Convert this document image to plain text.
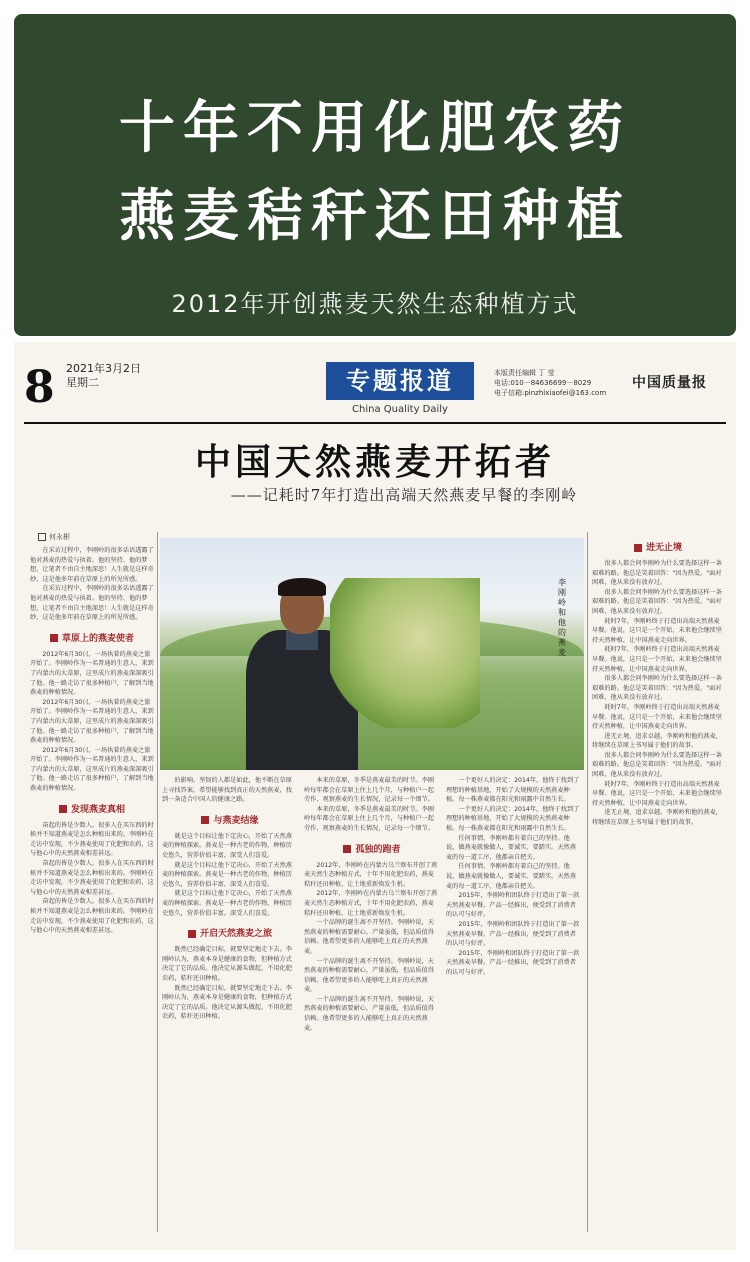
十年不用化肥农药
燕麦秸秆还田种植
2012年开创燕麦天然生态种植方式
8 2021年3月2日
星期二	专题报道
China Quality Daily
本版责任编辑 丁 莹
电话:010－84636699－8029
电子信箱:pinzhixiaofei@163.com
中国质量报
中国天然燕麦开拓者
——记耗时7年打造出高端天然燕麦早餐的李刚岭
何永彬

在采访过程中，李刚岭的很多话语透露了他对燕麦的热爱与执着。他的坚持、他的梦想，让笔者不由自主地深思！人生就是这样奇妙，这是他多年前在草原上的所见所感。

在采访过程中，李刚岭的很多话语透露了他对燕麦的热爱与执着。他的坚持、他的梦想，让笔者不由自主地深思！人生就是这样奇妙，这是他多年前在草原上的所见所感。

草原上的燕麦使者

2012年6月30日，一场执着的燕麦之旅开始了。李刚岭作为一名普通的生意人，来到了内蒙古的大草原，这里成片的燕麦深深吸引了他。他一路走访了很多种植户，了解到当地燕麦的种植情况。

2012年6月30日，一场执着的燕麦之旅开始了。李刚岭作为一名普通的生意人，来到了内蒙古的大草原，这里成片的燕麦深深吸引了他。他一路走访了很多种植户，了解到当地燕麦的种植情况。

2012年6月30日，一场执着的燕麦之旅开始了。李刚岭作为一名普通的生意人，来到了内蒙古的大草原，这里成片的燕麦深深吸引了他。他一路走访了很多种植户，了解到当地燕麦的种植情况。

发现燕麦真相

奋起的皆是少数人。很多人在买东西的时候并不知道燕麦是怎么种植出来的。李刚岭在走访中发现，不少燕麦使用了化肥和农药，这与他心中的天然燕麦相差甚远。

奋起的皆是少数人。很多人在买东西的时候并不知道燕麦是怎么种植出来的。李刚岭在走访中发现，不少燕麦使用了化肥和农药，这与他心中的天然燕麦相差甚远。

奋起的皆是少数人。很多人在买东西的时候并不知道燕麦是怎么种植出来的。李刚岭在走访中发现，不少燕麦使用了化肥和农药，这与他心中的天然燕麦相差甚远。

李刚岭和他的燕麦

的影响。坚韧的人都是如此，他不断在草原上寻找答案，希望能够找到真正的天然燕麦，找到一条适合中国人的健康之路。

与燕麦结缘

就是这个目标让他下定决心，开始了天然燕麦的种植探索。燕麦是一种古老的作物，种植历史悠久，营养价值丰富，深受人们喜爱。

就是这个目标让他下定决心，开始了天然燕麦的种植探索。燕麦是一种古老的作物，种植历史悠久，营养价值丰富，深受人们喜爱。

就是这个目标让他下定决心，开始了天然燕麦的种植探索。燕麦是一种古老的作物，种植历史悠久，营养价值丰富，深受人们喜爱。

开启天然燕麦之旅

既然已经确定目标，就要坚定地走下去。李刚岭认为，燕麦本身是健康的食物，但种植方式决定了它的品质。他决定从源头做起，不用化肥农药，秸秆还田种植。

既然已经确定目标，就要坚定地走下去。李刚岭认为，燕麦本身是健康的食物，但种植方式决定了它的品质。他决定从源头做起，不用化肥农药，秸秆还田种植。

本来的草原，冬季是燕麦最美的时节。李刚岭每年都会在草原上住上几个月，与种植户一起劳作，观察燕麦的生长情况，记录每一个细节。

本来的草原，冬季是燕麦最美的时节。李刚岭每年都会在草原上住上几个月，与种植户一起劳作，观察燕麦的生长情况，记录每一个细节。

孤独的跑者

2012年，李刚岭在内蒙古乌兰察布开创了燕麦天然生态种植方式，十年不用化肥农药，燕麦秸秆还田种植，让土地重新焕发生机。

2012年，李刚岭在内蒙古乌兰察布开创了燕麦天然生态种植方式，十年不用化肥农药，燕麦秸秆还田种植，让土地重新焕发生机。

一个品牌的诞生离不开坚持。李刚岭说，天然燕麦的种植需要耐心，产量虽低，但品质值得信赖。他希望更多的人能够吃上真正的天然燕麦。

一个品牌的诞生离不开坚持。李刚岭说，天然燕麦的种植需要耐心，产量虽低，但品质值得信赖。他希望更多的人能够吃上真正的天然燕麦。

一个品牌的诞生离不开坚持。李刚岭说，天然燕麦的种植需要耐心，产量虽低，但品质值得信赖。他希望更多的人能够吃上真正的天然燕麦。

一个更好人的决定：2014年，他终于找到了理想的种植基地，开始了大规模的天然燕麦种植。每一株燕麦都在阳光和雨露中自然生长。

一个更好人的决定：2014年，他终于找到了理想的种植基地，开始了大规模的天然燕麦种植。每一株燕麦都在阳光和雨露中自然生长。

任何事情，李刚岭都有着自己的坚持。他说，做燕麦就像做人，要诚实、要踏实。天然燕麦的每一道工序，他都亲自把关。

任何事情，李刚岭都有着自己的坚持。他说，做燕麦就像做人，要诚实、要踏实。天然燕麦的每一道工序，他都亲自把关。

2015年，李刚岭和团队终于打造出了第一款天然燕麦早餐。产品一经推出，便受到了消费者的认可与好评。

2015年，李刚岭和团队终于打造出了第一款天然燕麦早餐。产品一经推出，便受到了消费者的认可与好评。

2015年，李刚岭和团队终于打造出了第一款天然燕麦早餐。产品一经推出，便受到了消费者的认可与好评。

进无止境

很多人都会问李刚岭为什么要选择这样一条艰难的路。他总是笑着回答："因为热爱。"面对困难，他从来没有放弃过。

很多人都会问李刚岭为什么要选择这样一条艰难的路。他总是笑着回答："因为热爱。"面对困难，他从来没有放弃过。

耗时7年，李刚岭终于打造出高端天然燕麦早餐。他说，这只是一个开始，未来他会继续坚持天然种植，让中国燕麦走向世界。

耗时7年，李刚岭终于打造出高端天然燕麦早餐。他说，这只是一个开始，未来他会继续坚持天然种植，让中国燕麦走向世界。

很多人都会问李刚岭为什么要选择这样一条艰难的路。他总是笑着回答："因为热爱。"面对困难，他从来没有放弃过。

耗时7年，李刚岭终于打造出高端天然燕麦早餐。他说，这只是一个开始，未来他会继续坚持天然种植，让中国燕麦走向世界。

进无止境，追求卓越。李刚岭和他的燕麦，将继续在草原上书写属于他们的故事。

很多人都会问李刚岭为什么要选择这样一条艰难的路。他总是笑着回答："因为热爱。"面对困难，他从来没有放弃过。

耗时7年，李刚岭终于打造出高端天然燕麦早餐。他说，这只是一个开始，未来他会继续坚持天然种植，让中国燕麦走向世界。

进无止境，追求卓越。李刚岭和他的燕麦，将继续在草原上书写属于他们的故事。
